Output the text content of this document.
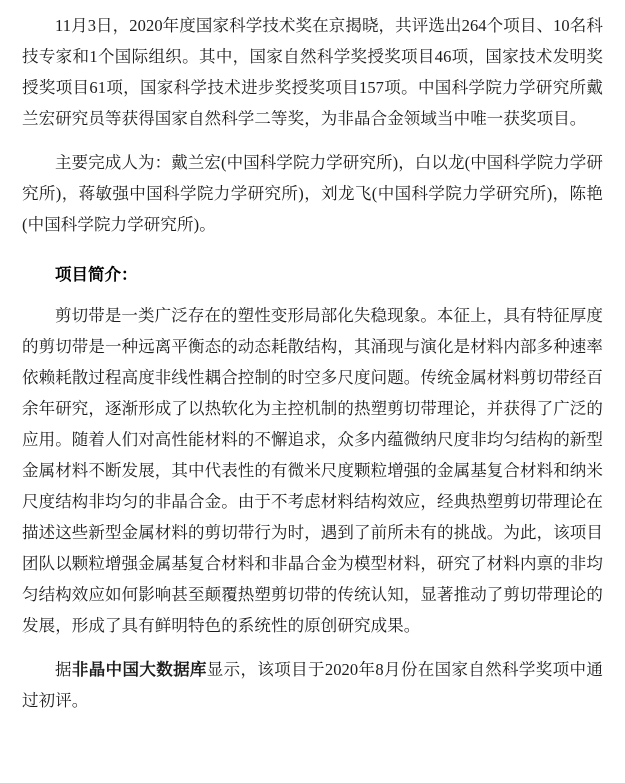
11月3日，2020年度国家科学技术奖在京揭晓，共评选出264个项目、10名科技专家和1个国际组织。其中，国家自然科学奖授奖项目46项，国家技术发明奖授奖项目61项，国家科学技术进步奖授奖项目157项。中国科学院力学研究所戴兰宏研究员等获得国家自然科学二等奖，为非晶合金领域当中唯一获奖项目。

主要完成人为：戴兰宏(中国科学院力学研究所)，白以龙(中国科学院力学研究所)，蒋敏强中国科学院力学研究所)，刘龙飞(中国科学院力学研究所)，陈艳(中国科学院力学研究所)。

项目简介：

剪切带是一类广泛存在的塑性变形局部化失稳现象。本征上，具有特征厚度的剪切带是一种远离平衡态的动态耗散结构，其涌现与演化是材料内部多种速率依赖耗散过程高度非线性耦合控制的时空多尺度问题。传统金属材料剪切带经百余年研究，逐渐形成了以热软化为主控机制的热塑剪切带理论，并获得了广泛的应用。随着人们对高性能材料的不懈追求，众多内蕴微纳尺度非均匀结构的新型金属材料不断发展，其中代表性的有微米尺度颗粒增强的金属基复合材料和纳米尺度结构非均匀的非晶合金。由于不考虑材料结构效应，经典热塑剪切带理论在描述这些新型金属材料的剪切带行为时，遇到了前所未有的挑战。为此，该项目团队以颗粒增强金属基复合材料和非晶合金为模型材料，研究了材料内禀的非均匀结构效应如何影响甚至颠覆热塑剪切带的传统认知，显著推动了剪切带理论的发展，形成了具有鲜明特色的系统性的原创研究成果。

据非晶中国大数据库显示，该项目于2020年8月份在国家自然科学奖项中通过初评。
